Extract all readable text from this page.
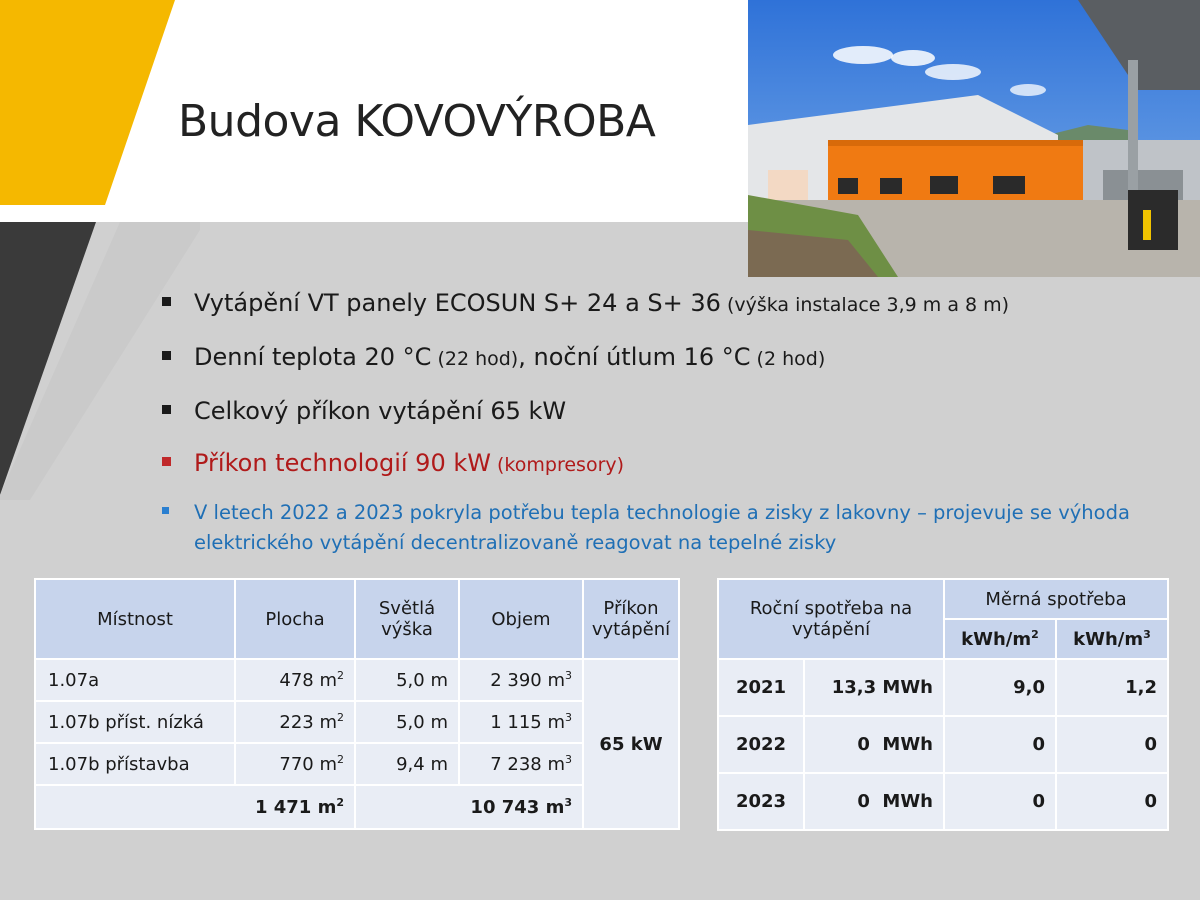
Budova KOVOVÝROBA
Vytápění VT panely ECOSUN S+ 24 a S+ 36 (výška instalace 3,9 m a 8 m)
Denní teplota 20 °C (22 hod), noční útlum 16 °C (2 hod)
Celkový příkon vytápění 65 kW
Příkon technologií 90 kW (kompresory)
V letech 2022 a 2023 pokryla potřebu tepla technologie a zisky z lakovny – projevuje se výhoda elektrického vytápění decentralizovaně reagovat na tepelné zisky
Místnost	Plocha	Světlá výška	Objem	Příkon vytápění
1.07a	478 $m^2$	5,0 m	2 390 $m^3$	65 kW
1.07b příst. nízká	223 $m^2$	5,0 m	1 115 $m^3$
1.07b přístavba	770 $m^2$	9,4 m	7 238 $m^3$
1 471 $m^2$		10 743 $m^3$
Roční spotřeba na vytápění		Měrná spotřeba	
		kWh/$m^2$	kWh/$m^3$
2021	13,3 MWh	9,0	1,2
2022	0  MWh	0	0
2023	0  MWh	0	0
